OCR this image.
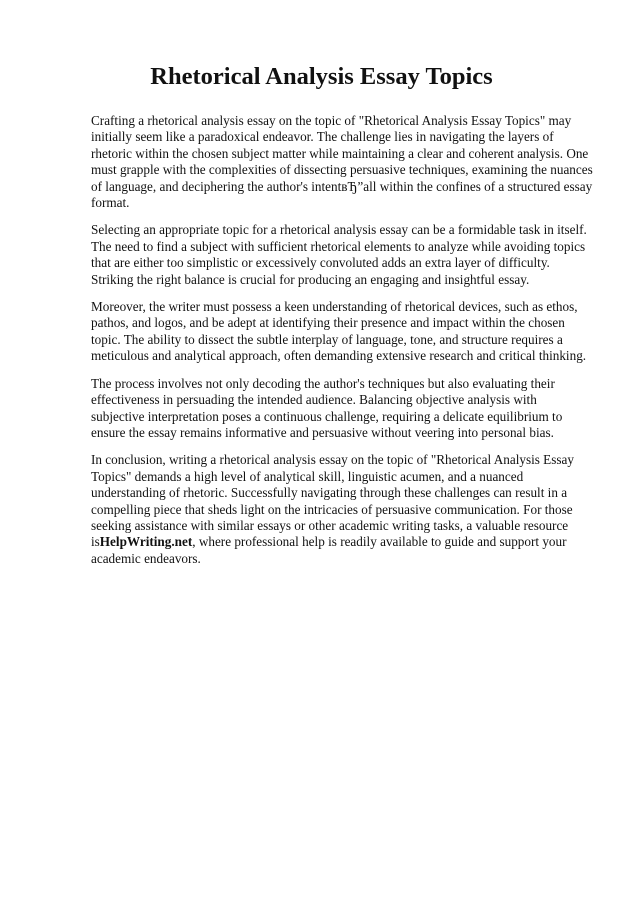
Rhetorical Analysis Essay Topics

Crafting a rhetorical analysis essay on the topic of "Rhetorical Analysis Essay Topics" may initially seem like a paradoxical endeavor. The challenge lies in navigating the layers of rhetoric within the chosen subject matter while maintaining a clear and coherent analysis. One must grapple with the complexities of dissecting persuasive techniques, examining the nuances of language, and deciphering the author's intentвЂ”all within the confines of a structured essay format.

Selecting an appropriate topic for a rhetorical analysis essay can be a formidable task in itself. The need to find a subject with sufficient rhetorical elements to analyze while avoiding topics that are either too simplistic or excessively convoluted adds an extra layer of difficulty. Striking the right balance is crucial for producing an engaging and insightful essay.

Moreover, the writer must possess a keen understanding of rhetorical devices, such as ethos, pathos, and logos, and be adept at identifying their presence and impact within the chosen topic. The ability to dissect the subtle interplay of language, tone, and structure requires a meticulous and analytical approach, often demanding extensive research and critical thinking.

The process involves not only decoding the author's techniques but also evaluating their effectiveness in persuading the intended audience. Balancing objective analysis with subjective interpretation poses a continuous challenge, requiring a delicate equilibrium to ensure the essay remains informative and persuasive without veering into personal bias.

In conclusion, writing a rhetorical analysis essay on the topic of "Rhetorical Analysis Essay Topics" demands a high level of analytical skill, linguistic acumen, and a nuanced understanding of rhetoric. Successfully navigating through these challenges can result in a compelling piece that sheds light on the intricacies of persuasive communication. For those seeking assistance with similar essays or other academic writing tasks, a valuable resource isHelpWriting.net, where professional help is readily available to guide and support your academic endeavors.
